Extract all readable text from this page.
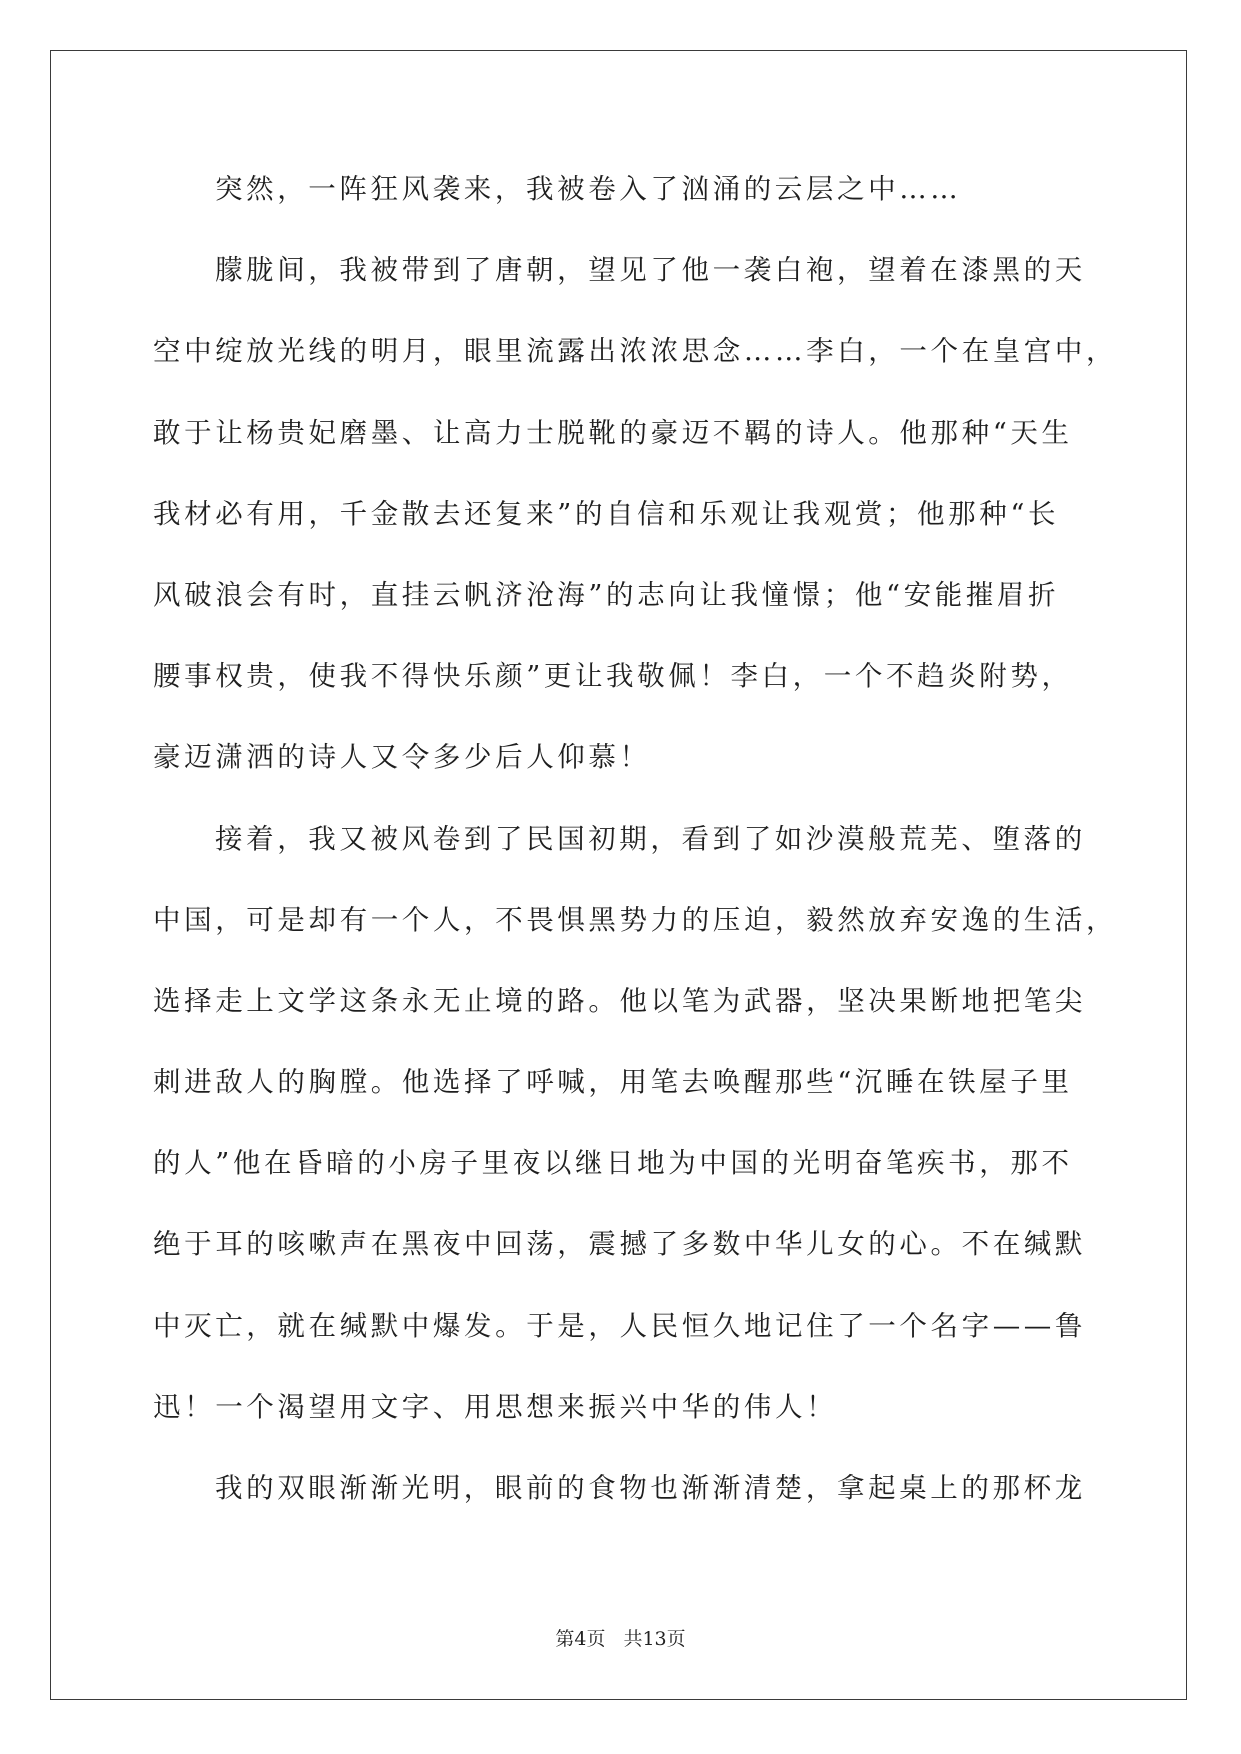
突然，一阵狂风袭来，我被卷入了汹涌的云层之中……
朦胧间，我被带到了唐朝，望见了他一袭白袍，望着在漆黑的天
空中绽放光线的明月，眼里流露出浓浓思念……李白，一个在皇宫中，
敢于让杨贵妃磨墨、让高力士脱靴的豪迈不羁的诗人。他那种“天生
我材必有用，千金散去还复来”的自信和乐观让我观赏；他那种“长
风破浪会有时，直挂云帆济沧海”的志向让我憧憬；他“安能摧眉折
腰事权贵，使我不得快乐颜”更让我敬佩！李白，一个不趋炎附势，
豪迈潇洒的诗人又令多少后人仰慕！
接着，我又被风卷到了民国初期，看到了如沙漠般荒芜、堕落的
中国，可是却有一个人，不畏惧黑势力的压迫，毅然放弃安逸的生活，
选择走上文学这条永无止境的路。他以笔为武器，坚决果断地把笔尖
刺进敌人的胸膛。他选择了呼喊，用笔去唤醒那些“沉睡在铁屋子里
的人”他在昏暗的小房子里夜以继日地为中国的光明奋笔疾书，那不
绝于耳的咳嗽声在黑夜中回荡，震撼了多数中华儿女的心。不在缄默
中灭亡，就在缄默中爆发。于是，人民恒久地记住了一个名字——鲁
迅！一个渴望用文字、用思想来振兴中华的伟人！
我的双眼渐渐光明，眼前的食物也渐渐清楚，拿起桌上的那杯龙
第4页 共13页
